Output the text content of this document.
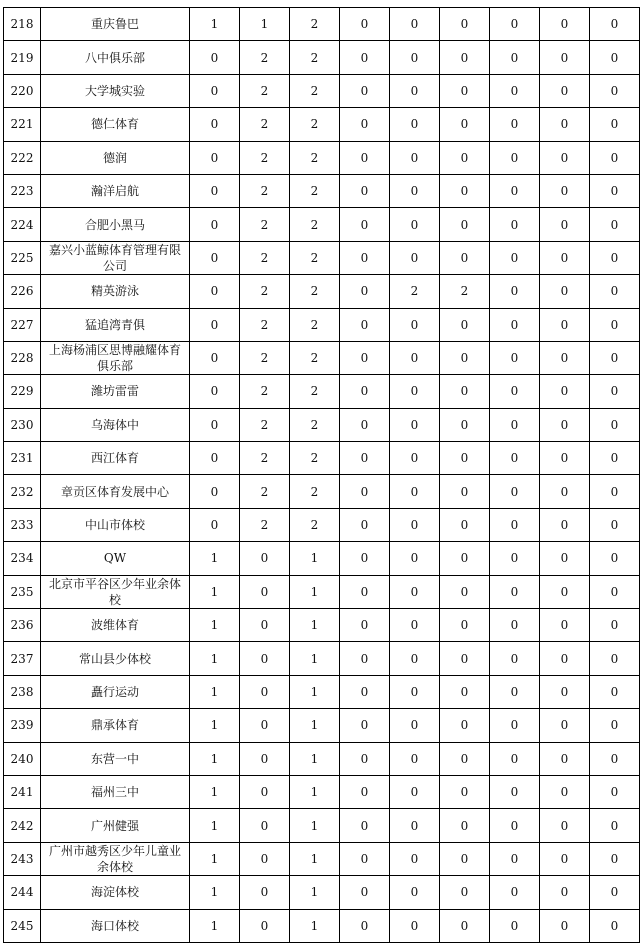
218	重庆鲁巴	1	1	2	0	0	0	0	0	0
219	八中俱乐部	0	2	2	0	0	0	0	0	0
220	大学城实验	0	2	2	0	0	0	0	0	0
221	德仁体育	0	2	2	0	0	0	0	0	0
222	德润	0	2	2	0	0	0	0	0	0
223	瀚洋启航	0	2	2	0	0	0	0	0	0
224	合肥小黑马	0	2	2	0	0	0	0	0	0
225	嘉兴小蓝鲸体育管理有限公司	0	2	2	0	0	0	0	0	0
226	精英游泳	0	2	2	0	2	2	0	0	0
227	猛追湾青俱	0	2	2	0	0	0	0	0	0
228	上海杨浦区思博融耀体育俱乐部	0	2	2	0	0	0	0	0	0
229	潍坊雷雷	0	2	2	0	0	0	0	0	0
230	乌海体中	0	2	2	0	0	0	0	0	0
231	西江体育	0	2	2	0	0	0	0	0	0
232	章贡区体育发展中心	0	2	2	0	0	0	0	0	0
233	中山市体校	0	2	2	0	0	0	0	0	0
234	QW	1	0	1	0	0	0	0	0	0
235	北京市平谷区少年业余体校	1	0	1	0	0	0	0	0	0
236	波维体育	1	0	1	0	0	0	0	0	0
237	常山县少体校	1	0	1	0	0	0	0	0	0
238	矗行运动	1	0	1	0	0	0	0	0	0
239	鼎承体育	1	0	1	0	0	0	0	0	0
240	东营一中	1	0	1	0	0	0	0	0	0
241	福州三中	1	0	1	0	0	0	0	0	0
242	广州健强	1	0	1	0	0	0	0	0	0
243	广州市越秀区少年儿童业余体校	1	0	1	0	0	0	0	0	0
244	海淀体校	1	0	1	0	0	0	0	0	0
245	海口体校	1	0	1	0	0	0	0	0	0
